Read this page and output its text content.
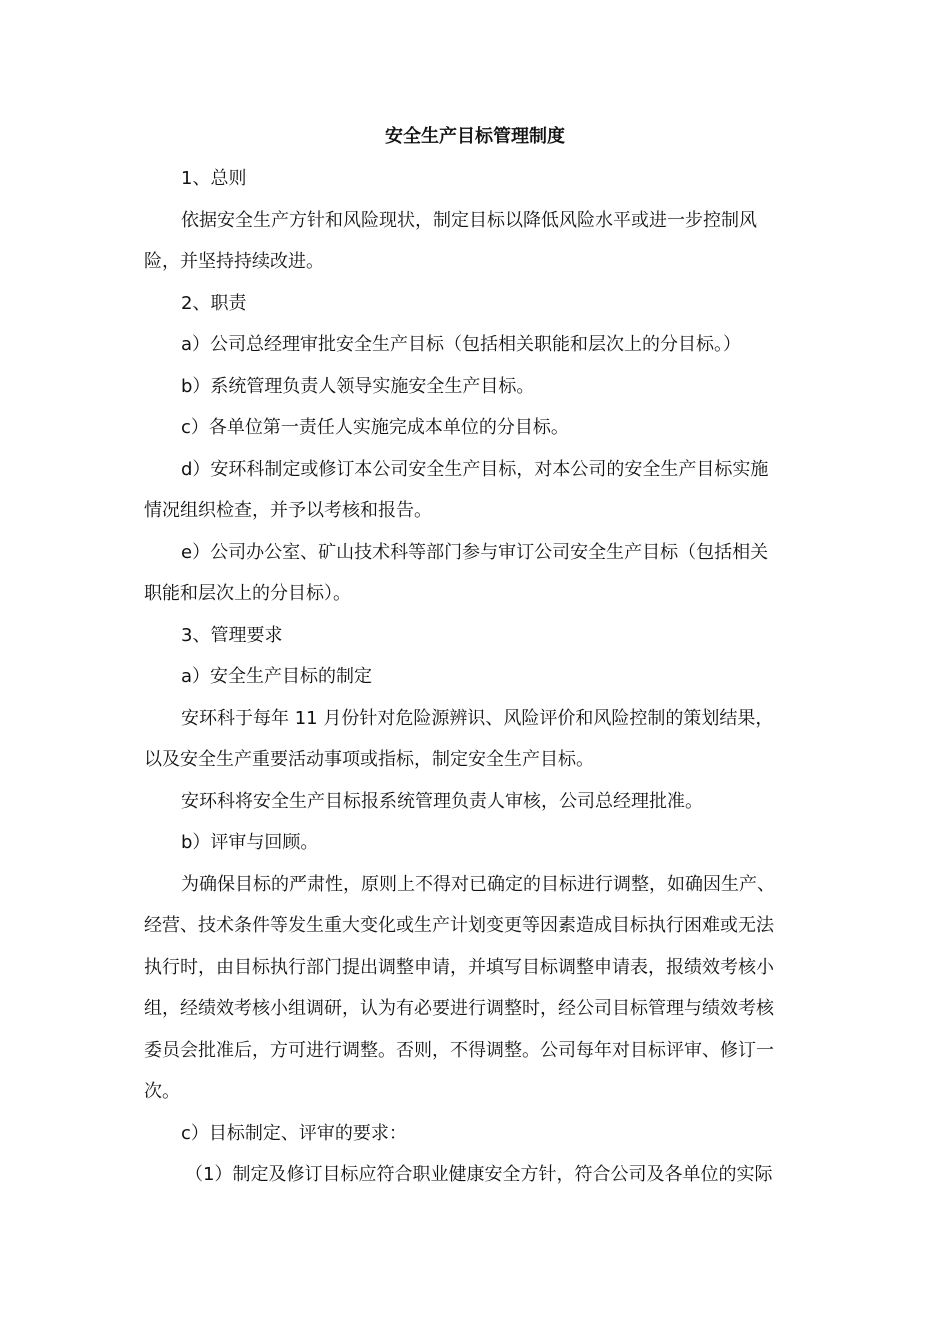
安全生产目标管理制度
1、总则
依据安全生产方针和风险现状，制定目标以降低风险水平或进一步控制风
险，并坚持持续改进。
2、职责
a）公司总经理审批安全生产目标（包括相关职能和层次上的分目标。）
b）系统管理负责人领导实施安全生产目标。
c）各单位第一责任人实施完成本单位的分目标。
d）安环科制定或修订本公司安全生产目标，对本公司的安全生产目标实施
情况组织检查，并予以考核和报告。
e）公司办公室、矿山技术科等部门参与审订公司安全生产目标（包括相关
职能和层次上的分目标）。
3、管理要求
a）安全生产目标的制定
安环科于每年 11 月份针对危险源辨识、风险评价和风险控制的策划结果，
以及安全生产重要活动事项或指标，制定安全生产目标。
安环科将安全生产目标报系统管理负责人审核，公司总经理批准。
b）评审与回顾。
为确保目标的严肃性，原则上不得对已确定的目标进行调整，如确因生产、
经营、技术条件等发生重大变化或生产计划变更等因素造成目标执行困难或无法
执行时，由目标执行部门提出调整申请，并填写目标调整申请表，报绩效考核小
组，经绩效考核小组调研，认为有必要进行调整时，经公司目标管理与绩效考核
委员会批准后，方可进行调整。否则，不得调整。公司每年对目标评审、修订一
次。
c）目标制定、评审的要求：
（1）制定及修订目标应符合职业健康安全方针，符合公司及各单位的实际
